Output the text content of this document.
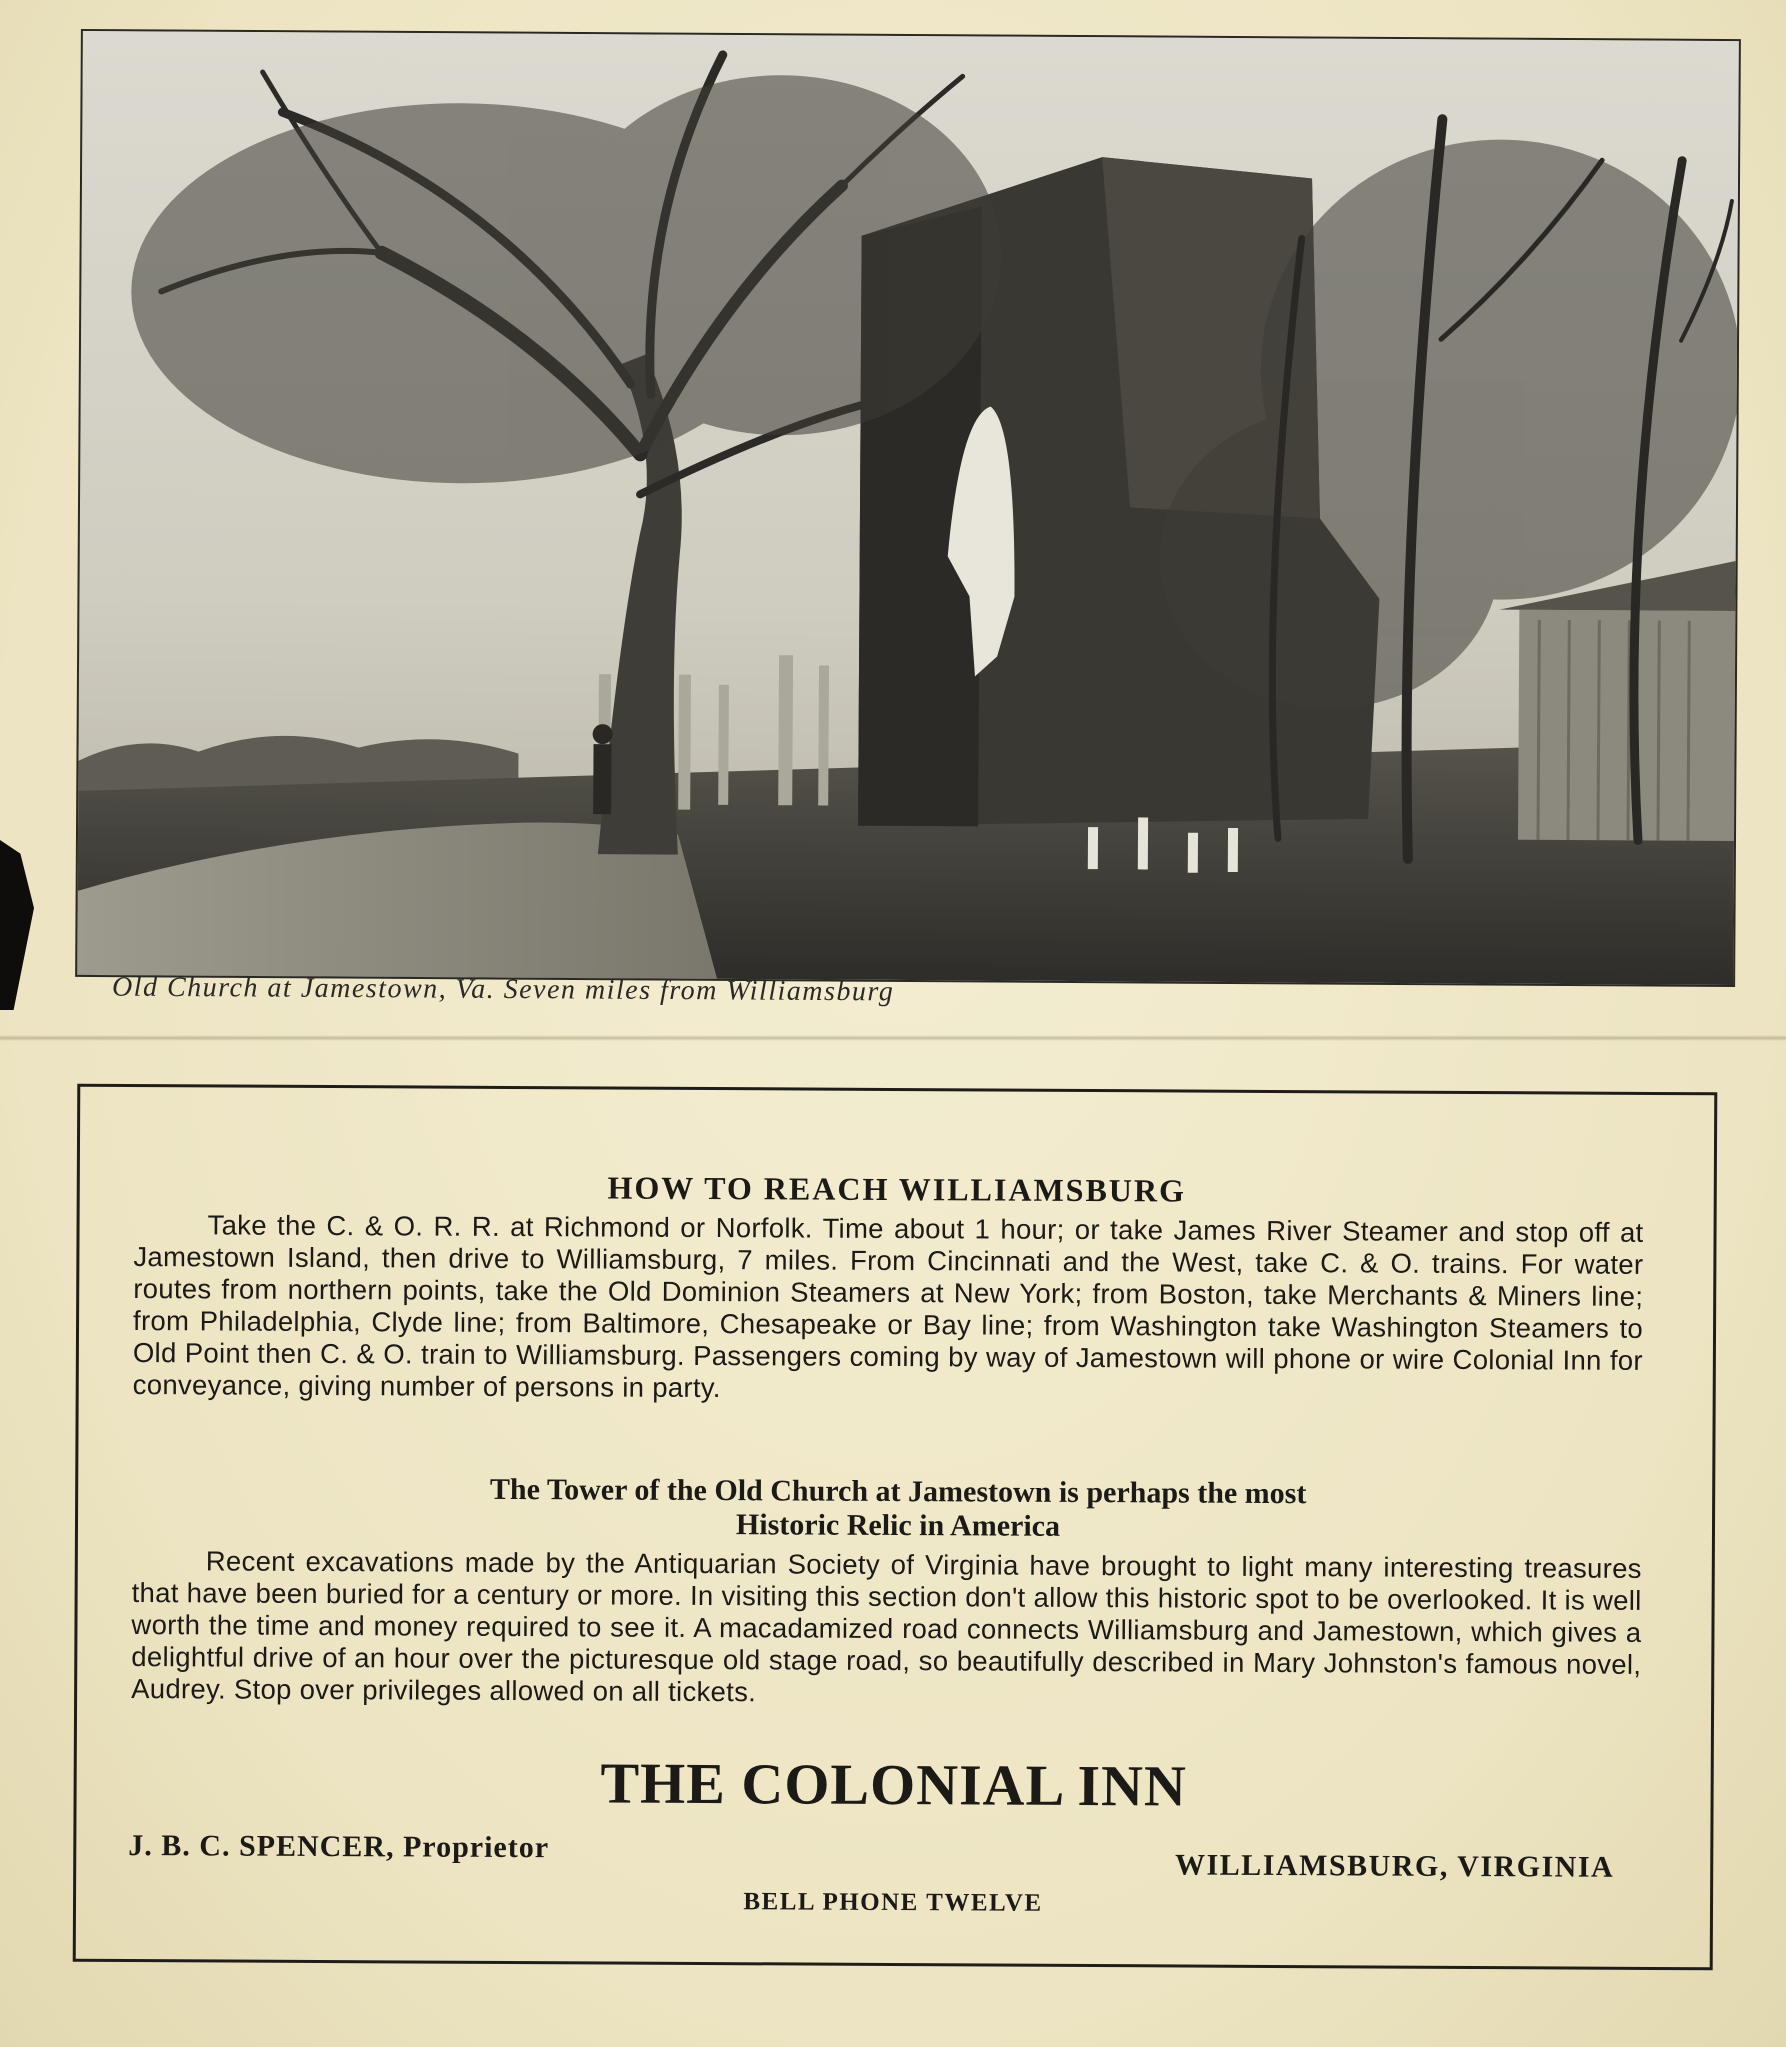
Old Church at Jamestown, Va. Seven miles from Williamsburg
HOW TO REACH WILLIAMSBURG
Take the C. & O. R. R. at Richmond or Norfolk. Time about 1 hour; or take James River Steamer and stop off at Jamestown Island, then drive to Williamsburg, 7 miles. From Cincinnati and the West, take C. & O. trains. For water routes from northern points, take the Old Dominion Steamers at New York; from Boston, take Merchants & Miners line; from Philadelphia, Clyde line; from Baltimore, Chesapeake or Bay line; from Washington take Washington Steamers to Old Point then C. & O. train to Williamsburg. Passengers coming by way of Jamestown will phone or wire Colonial Inn for conveyance, giving number of persons in party.
The Tower of the Old Church at Jamestown is perhaps the most
Historic Relic in America
Recent excavations made by the Antiquarian Society of Virginia have brought to light many interesting treasures that have been buried for a century or more. In visiting this section don't allow this historic spot to be overlooked. It is well worth the time and money required to see it. A macadamized road connects Williamsburg and Jamestown, which gives a delightful drive of an hour over the picturesque old stage road, so beautifully described in Mary Johnston's famous novel, Audrey. Stop over privileges allowed on all tickets.
THE COLONIAL INN
J. B. C. SPENCER, Proprietor
WILLIAMSBURG, VIRGINIA
BELL PHONE TWELVE
